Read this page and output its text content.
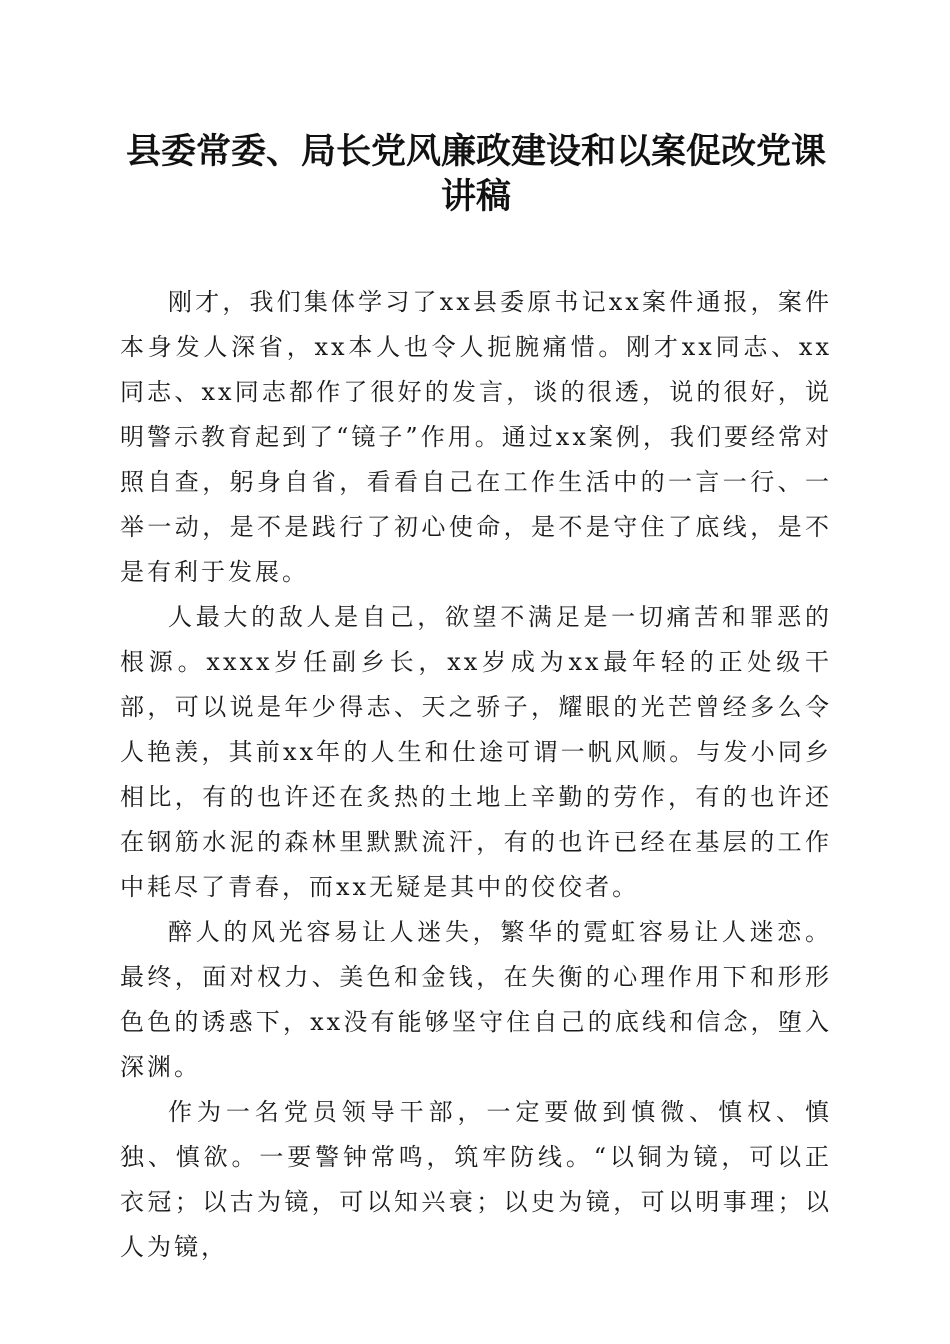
县委常委、局长党风廉政建设和以案促改党课
讲稿

刚才，我们集体学习了xx县委原书记xx案件通报，案件本身发人深省，xx本人也令人扼腕痛惜。刚才xx同志、xx同志、xx同志都作了很好的发言，谈的很透，说的很好，说明警示教育起到了“镜子”作用。通过xx案例，我们要经常对照自查，躬身自省，看看自己在工作生活中的一言一行、一举一动，是不是践行了初心使命，是不是守住了底线，是不是有利于发展。

人最大的敌人是自己，欲望不满足是一切痛苦和罪恶的根源。xxxx岁任副乡长，xx岁成为xx最年轻的正处级干部，可以说是年少得志、天之骄子，耀眼的光芒曾经多么令人艳羡，其前xx年的人生和仕途可谓一帆风顺。与发小同乡相比，有的也许还在炙热的土地上辛勤的劳作，有的也许还在钢筋水泥的森林里默默流汗，有的也许已经在基层的工作中耗尽了青春，而xx无疑是其中的佼佼者。

醉人的风光容易让人迷失，繁华的霓虹容易让人迷恋。最终，面对权力、美色和金钱，在失衡的心理作用下和形形色色的诱惑下，xx没有能够坚守住自己的底线和信念，堕入深渊。

作为一名党员领导干部，一定要做到慎微、慎权、慎独、慎欲。一要警钟常鸣，筑牢防线。“以铜为镜，可以正衣冠；以古为镜，可以知兴衰；以史为镜，可以明事理；以人为镜，
